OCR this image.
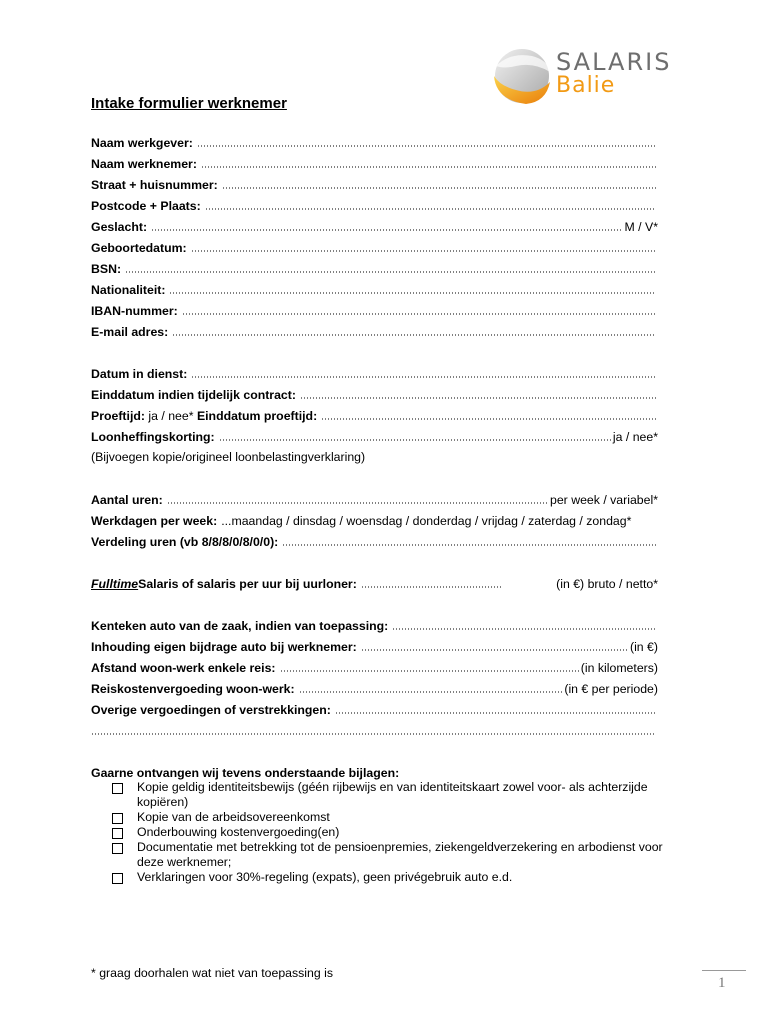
SALARIS
Balie
Intake formulier werknemer
Naam werkgever:
Naam werknemer:
Straat + huisnummer:
Postcode + Plaats:
Geslacht:	M / V*
Geboortedatum:
BSN:
Nationaliteit:
IBAN-nummer:
E-mail adres:
Datum in dienst:
Einddatum indien tijdelijk contract:
Proeftijd: ja / nee* Einddatum proeftijd:
Loonheffingskorting:	ja / nee*
(Bijvoegen kopie/origineel loonbelastingverklaring)
Aantal uren:	per week / variabel*
Werkdagen per week: ...maandag / dinsdag / woensdag / donderdag / vrijdag / zaterdag / zondag*
Verdeling uren (vb 8/8/8/0/8/0/0):
Fulltime Salaris of salaris per uur bij uurloner:	(in €) bruto / netto*
Kenteken auto van de zaak, indien van toepassing:
Inhouding eigen bijdrage auto bij werknemer:	(in €)
Afstand woon-werk enkele reis:	(in kilometers)
Reiskostenvergoeding woon-werk:	(in € per periode)
Overige vergoedingen of verstrekkingen:
Gaarne ontvangen wij tevens onderstaande bijlagen:
Kopie geldig identiteitsbewijs (géén rijbewijs en van identiteitskaart zowel voor- als achterzijde kopiëren)
Kopie van de arbeidsovereenkomst
Onderbouwing kostenvergoeding(en)
Documentatie met betrekking tot de pensioenpremies, ziekengeldverzekering en arbodienst voor deze werknemer;
Verklaringen voor 30%-regeling (expats), geen privégebruik auto e.d.
* graag doorhalen wat niet van toepassing is
1
